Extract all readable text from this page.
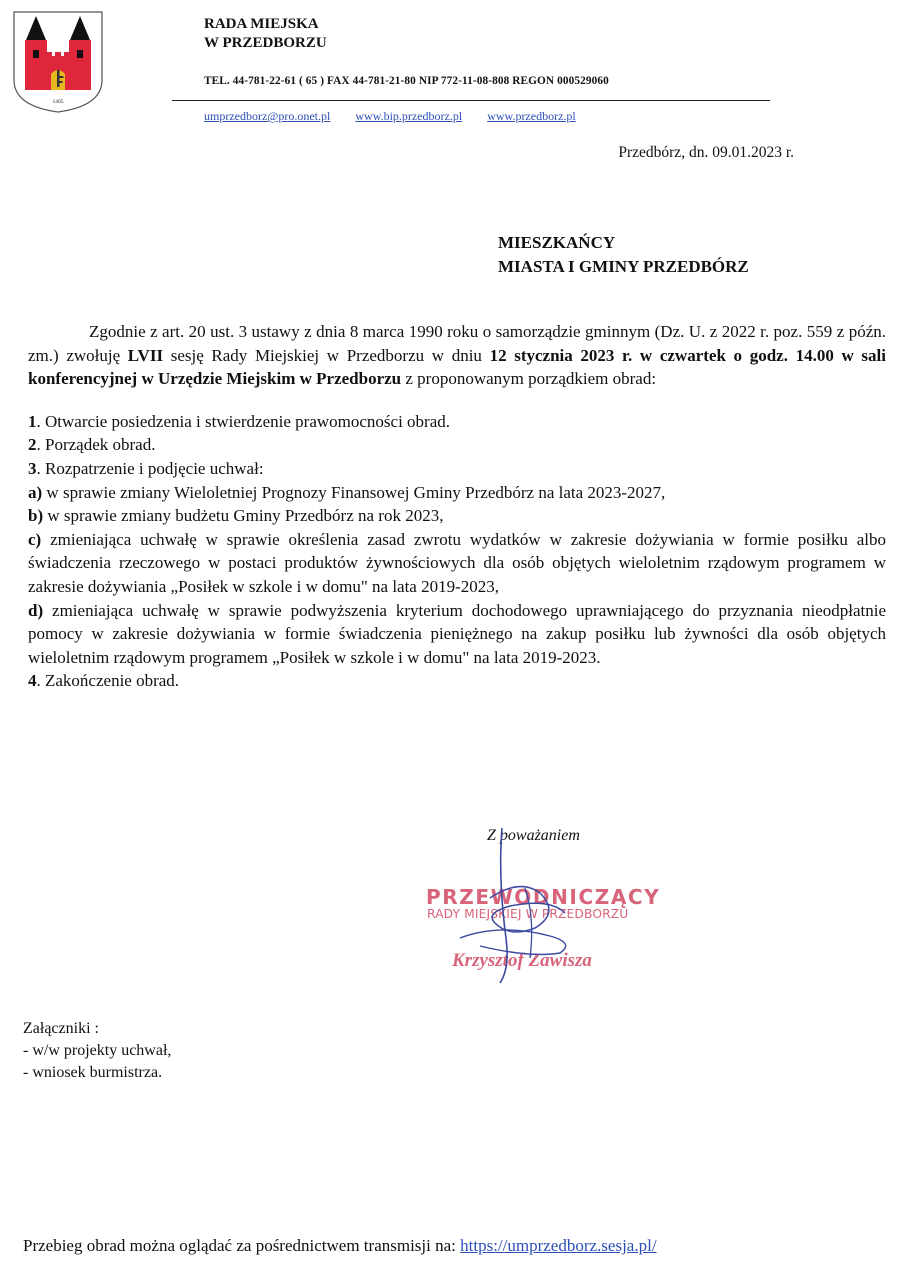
1405
RADA MIEJSKA
W PRZEDBORZU
TEL. 44-781-22-61 ( 65 ) FAX 44-781-21-80 NIP 772-11-08-808 REGON 000529060
umprzedborz@pro.onet.pl www.bip.przedborz.pl www.przedborz.pl
Przedbórz, dn. 09.01.2023 r.
MIESZKAŃCY
MIASTA I GMINY PRZEDBÓRZ

Zgodnie z art. 20 ust. 3 ustawy z dnia 8 marca 1990 roku o samorządzie gminnym (Dz. U. z 2022 r. poz. 559 z późn. zm.) zwołuję LVII sesję Rady Miejskiej w Przedborzu w dniu 12 stycznia 2023 r. w czwartek o godz. 14.00 w sali konferencyjnej w Urzędzie Miejskim w Przedborzu z proponowanym porządkiem obrad:

1. Otwarcie posiedzenia i stwierdzenie prawomocności obrad.

2. Porządek obrad.

3. Rozpatrzenie i podjęcie uchwał:

a) w sprawie zmiany Wieloletniej Prognozy Finansowej Gminy Przedbórz na lata 2023-2027,

b) w sprawie zmiany budżetu Gminy Przedbórz na rok 2023,

c) zmieniająca uchwałę w sprawie określenia zasad zwrotu wydatków w zakresie dożywiania w formie posiłku albo świadczenia rzeczowego w postaci produktów żywnościowych dla osób objętych wieloletnim rządowym programem w zakresie dożywiania „Posiłek w szkole i w domu" na lata 2019-2023,

d) zmieniająca uchwałę w sprawie podwyższenia kryterium dochodowego uprawniającego do przyznania nieodpłatnie pomocy w zakresie dożywiania w formie świadczenia pieniężnego na zakup posiłku lub żywności dla osób objętych wieloletnim rządowym programem „Posiłek w szkole i w domu" na lata 2019-2023.

4. Zakończenie obrad.

Z poważaniem
PRZEWODNICZĄCY
RADY MIEJSKIEJ W PRZEDBORZU
Krzysztof Zawisza
Załączniki :
- w/w projekty uchwał,
- wniosek burmistrza.
Przebieg obrad można oglądać za pośrednictwem transmisji na: https://umprzedborz.sesja.pl/
